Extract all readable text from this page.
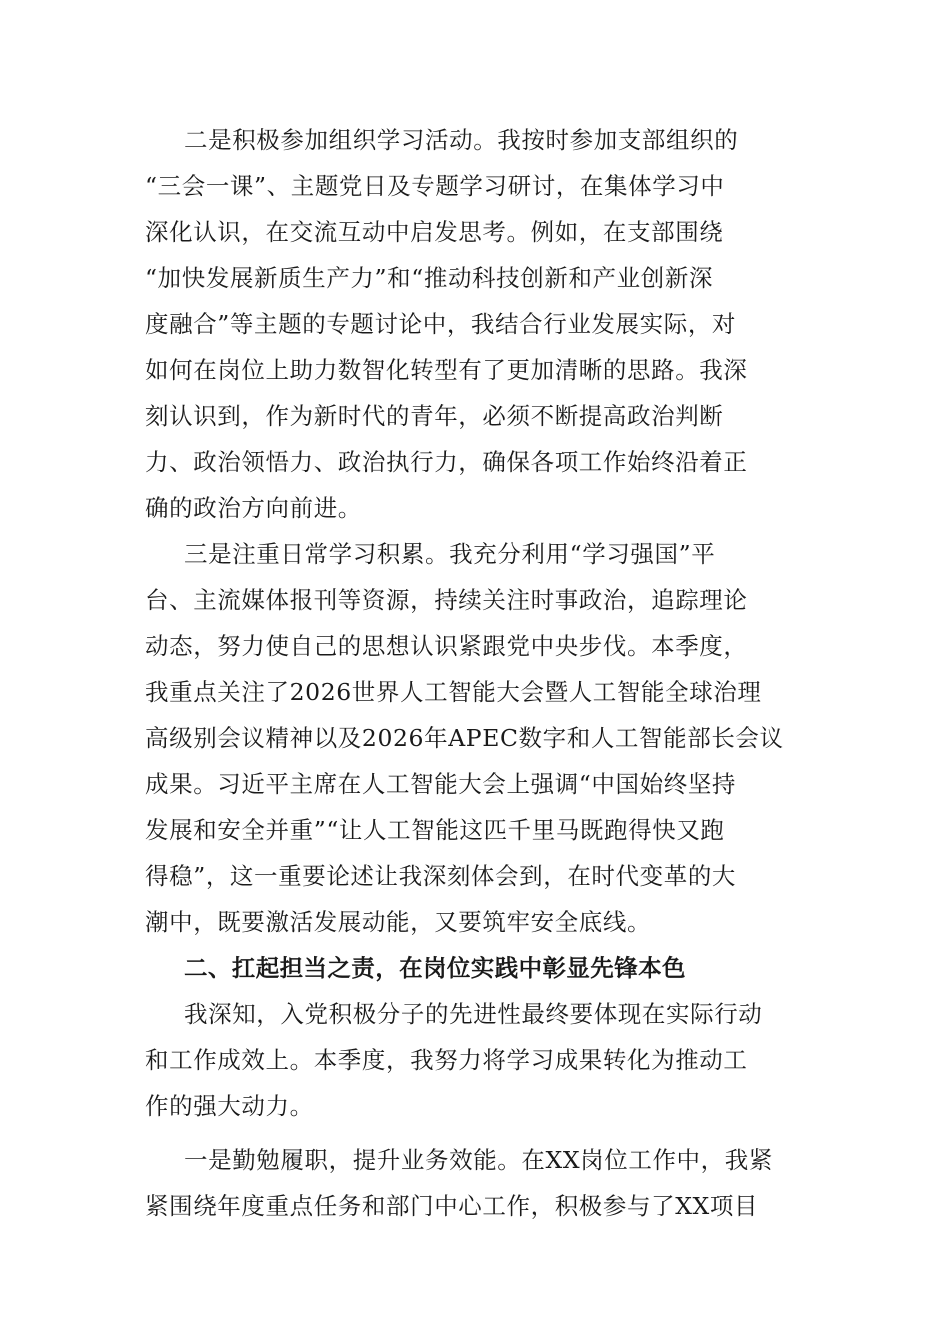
二是积极参加组织学习活动。我按时参加支部组织的
“三会一课”、主题党日及专题学习研讨，在集体学习中
深化认识，在交流互动中启发思考。例如，在支部围绕
“加快发展新质生产力”和“推动科技创新和产业创新深
度融合”等主题的专题讨论中，我结合行业发展实际，对
如何在岗位上助力数智化转型有了更加清晰的思路。我深
刻认识到，作为新时代的青年，必须不断提高政治判断
力、政治领悟力、政治执行力，确保各项工作始终沿着正
确的政治方向前进。
三是注重日常学习积累。我充分利用“学习强国”平
台、主流媒体报刊等资源，持续关注时事政治，追踪理论
动态，努力使自己的思想认识紧跟党中央步伐。本季度，
我重点关注了2026世界人工智能大会暨人工智能全球治理
高级别会议精神以及2026年APEC数字和人工智能部长会议
成果。习近平主席在人工智能大会上强调“中国始终坚持
发展和安全并重”“让人工智能这匹千里马既跑得快又跑
得稳”，这一重要论述让我深刻体会到，在时代变革的大
潮中，既要激活发展动能，又要筑牢安全底线。
二、扛起担当之责，在岗位实践中彰显先锋本色
我深知，入党积极分子的先进性最终要体现在实际行动
和工作成效上。本季度，我努力将学习成果转化为推动工
作的强大动力。
一是勤勉履职，提升业务效能。在XX岗位工作中，我紧
紧围绕年度重点任务和部门中心工作，积极参与了XX项目
